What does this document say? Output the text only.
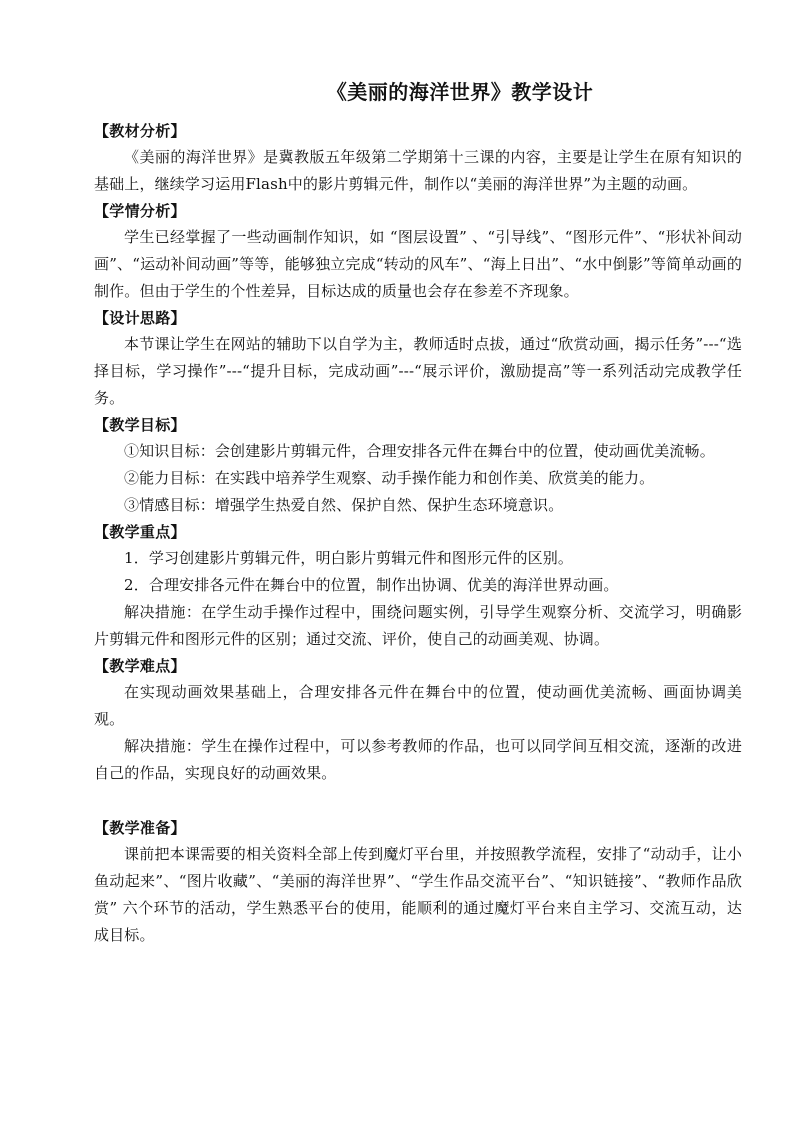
《美丽的海洋世界》教学设计
【教材分析】

《美丽的海洋世界》是冀教版五年级第二学期第十三课的内容，主要是让学生在原有知识的基础上，继续学习运用Flash中的影片剪辑元件，制作以“美丽的海洋世界”为主题的动画。

【学情分析】

学生已经掌握了一些动画制作知识，如 “图层设置” 、“引导线”、“图形元件”、“形状补间动画”、“运动补间动画”等等，能够独立完成“转动的风车”、“海上日出”、“水中倒影”等简单动画的制作。但由于学生的个性差异，目标达成的质量也会存在参差不齐现象。

【设计思路】

本节课让学生在网站的辅助下以自学为主，教师适时点拔，通过“欣赏动画，揭示任务”---“选择目标，学习操作”---“提升目标，完成动画”---“展示评价，激励提高”等一系列活动完成教学任务。

【教学目标】

①知识目标：会创建影片剪辑元件，合理安排各元件在舞台中的位置，使动画优美流畅。

②能力目标：在实践中培养学生观察、动手操作能力和创作美、欣赏美的能力。

③情感目标：增强学生热爱自然、保护自然、保护生态环境意识。

【教学重点】

1．学习创建影片剪辑元件，明白影片剪辑元件和图形元件的区别。

2．合理安排各元件在舞台中的位置，制作出协调、优美的海洋世界动画。

解决措施：在学生动手操作过程中，围绕问题实例，引导学生观察分析、交流学习，明确影片剪辑元件和图形元件的区别；通过交流、评价，使自己的动画美观、协调。

【教学难点】

在实现动画效果基础上，合理安排各元件在舞台中的位置，使动画优美流畅、画面协调美观。

解决措施：学生在操作过程中，可以参考教师的作品，也可以同学间互相交流，逐渐的改进自己的作品，实现良好的动画效果。

【教学准备】

课前把本课需要的相关资料全部上传到魔灯平台里，并按照教学流程，安排了“动动手，让小鱼动起来”、“图片收藏”、“美丽的海洋世界”、“学生作品交流平台”、“知识链接”、“教师作品欣赏” 六个环节的活动，学生熟悉平台的使用，能顺利的通过魔灯平台来自主学习、交流互动，达成目标。
